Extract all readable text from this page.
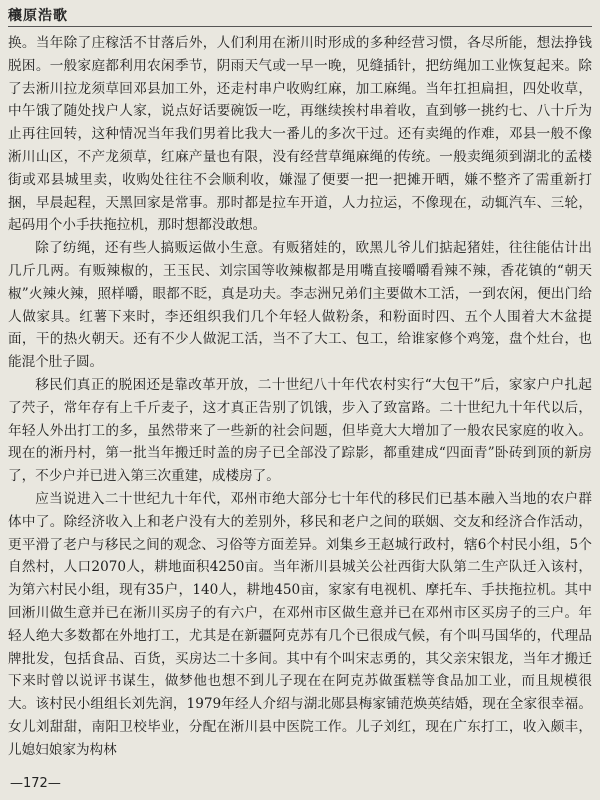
穰原浩歌

换。当年除了庄稼活不甘落后外，人们利用在淅川时形成的多种经营习惯，各尽所能，想法挣钱脱困。一般家庭都利用农闲季节，阴雨天气或一早一晚，见缝插针，把纺绳加工业恢复起来。除了去淅川拉龙须草回邓县加工外，还走村串户收购红麻，加工麻绳。当年扛担扁担，四处收草，中午饿了随处找户人家，说点好话要碗饭一吃，再继续挨村串着收，直到够一挑约七、八十斤为止再往回转，这种情况当年我们男着比我大一番儿的多次干过。还有卖绳的作难，邓县一般不像淅川山区，不产龙须草，红麻产量也有限，没有经营草绳麻绳的传统。一般卖绳须到湖北的孟楼街或邓县城里卖，收购处往往不会顺利收，嫌湿了便要一把一把摊开晒，嫌不整齐了需重新打捆，早晨起程，天黑回家是常事。那时都是拉车开道，人力拉运，不像现在，动辄汽车、三轮，起码用个小手扶拖拉机，那时想都没敢想。

除了纺绳，还有些人搞贩运做小生意。有贩猪娃的，欧黑儿爷儿们掂起猪娃，往往能估计出几斤几两。有贩辣椒的，王玉民、刘宗国等收辣椒都是用嘴直接嚼嚼看辣不辣，香花镇的“朝天椒”火辣火辣，照样嚼，眼都不眨，真是功夫。李志洲兄弟们主要做木工活，一到农闲，便出门给人做家具。红薯下来时，李还组织我们几个年轻人做粉条，和粉面时四、五个人围着大木盆提面，干的热火朝天。还有不少人做泥工活，当不了大工、包工，给谁家修个鸡笼，盘个灶台，也能混个肚子圆。

移民们真正的脱困还是靠改革开放，二十世纪八十年代农村实行“大包干”后，家家户户扎起了茓子，常年存有上千斤麦子，这才真正告别了饥饿，步入了致富路。二十世纪九十年代以后，年轻人外出打工的多，虽然带来了一些新的社会问题，但毕竟大大增加了一般农民家庭的收入。现在的淅丹村，第一批当年搬迁时盖的房子已全部没了踪影，都重建成“四面青”卧砖到顶的新房了，不少户并已进入第三次重建，成楼房了。

应当说进入二十世纪九十年代，邓州市绝大部分七十年代的移民们已基本融入当地的农户群体中了。除经济收入上和老户没有大的差别外，移民和老户之间的联姻、交友和经济合作活动，更平滑了老户与移民之间的观念、习俗等方面差异。刘集乡王赵城行政村，辖6个村民小组，5个自然村，人口2070人，耕地面积4250亩。当年淅川县城关公社西街大队第二生产队迁入该村，为第六村民小组，现有35户，140人，耕地450亩，家家有电视机、摩托车、手扶拖拉机。其中回淅川做生意并已在淅川买房子的有六户，在邓州市区做生意并已在邓州市区买房子的三户。年轻人绝大多数都在外地打工，尤其是在新疆阿克苏有几个已很成气候，有个叫马国华的，代理品牌批发，包括食品、百货，买房达二十多间。其中有个叫宋志勇的，其父亲宋银龙，当年才搬迁下来时曾以说评书谋生，做梦他也想不到儿子现在在阿克苏做蛋糕等食品加工业，而且规模很大。该村民小组组长刘先润，1979年经人介绍与湖北郧县梅家铺范焕英结婚，现在全家很幸福。女儿刘甜甜，南阳卫校毕业，分配在淅川县中医院工作。儿子刘红，现在广东打工，收入颇丰，儿媳妇娘家为构林

—172—
